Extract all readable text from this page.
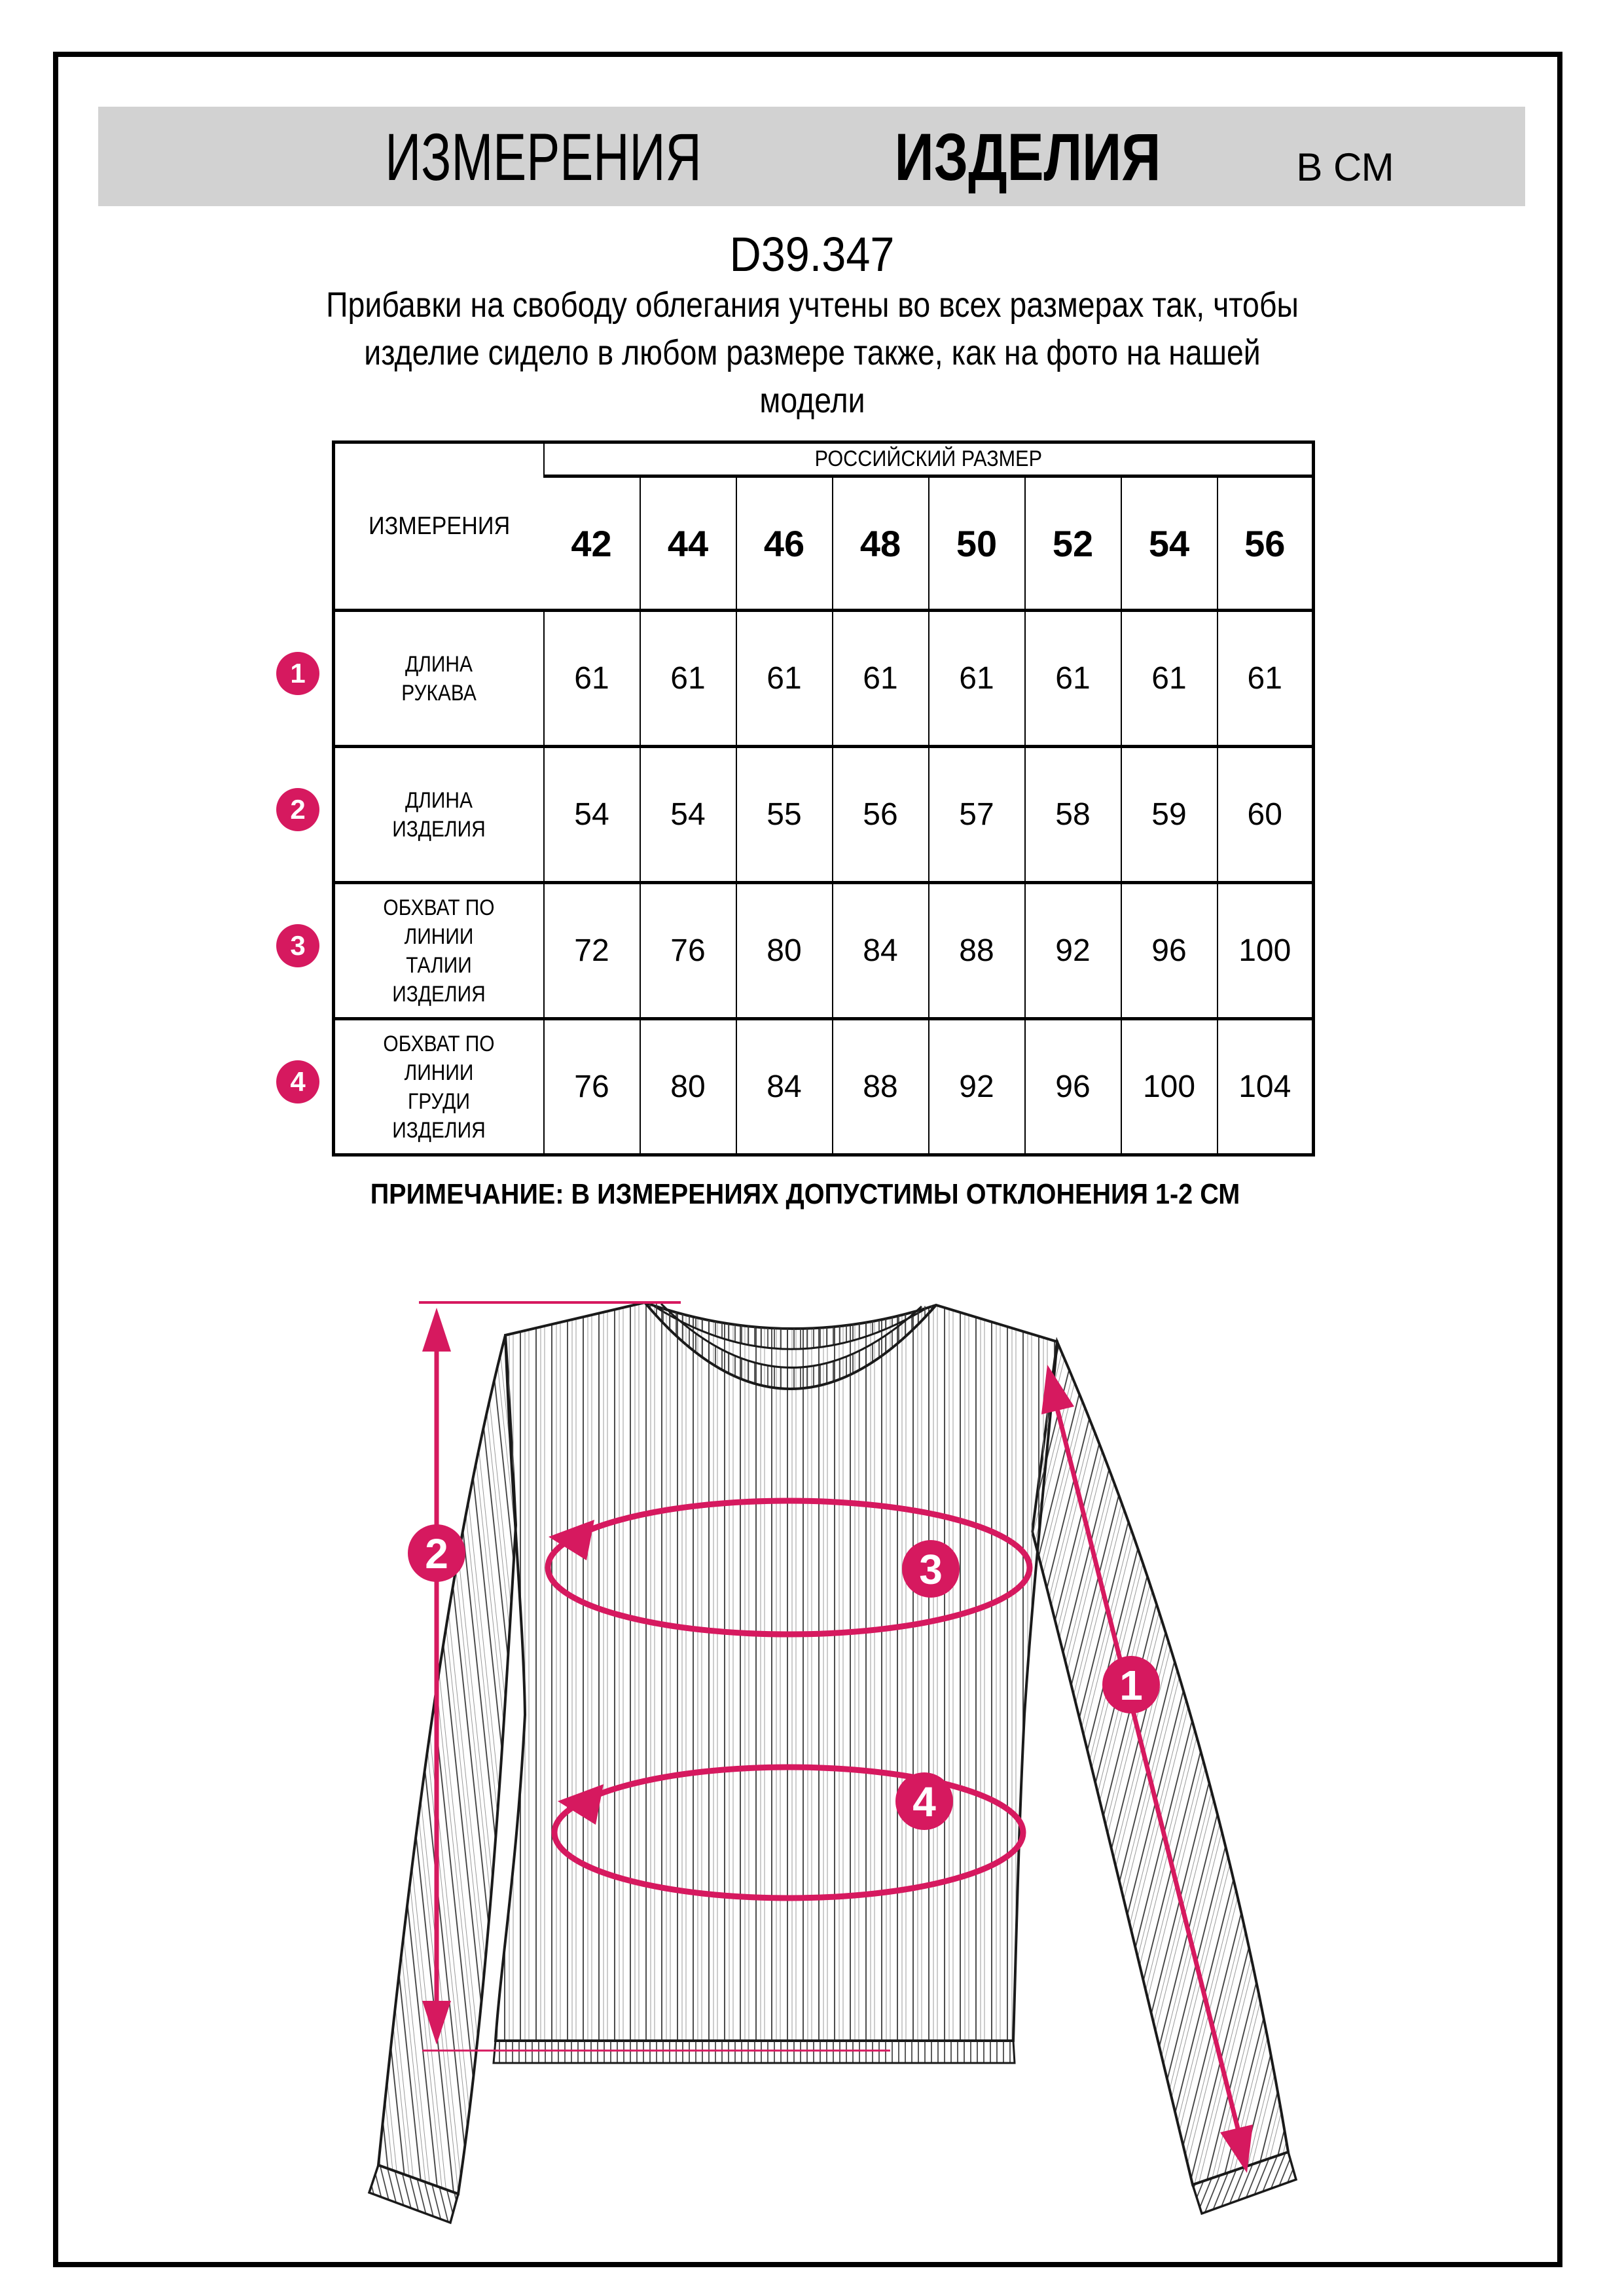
ИЗМЕРЕНИЯ	ИЗДЕЛИЯ	В СМ
D39.347
Прибавки на свободу облегания учтены во всех размерах так, чтобы
изделие сидело в любом размере также, как на фото на нашей
модели
ИЗМЕРЕНИЯ	РОССИЙСКИЙ РАЗМЕР							
	42	44	46	48	50	52	54	56
ДЛИНА РУКАВА	61	61	61	61	61	61	61	61
ДЛИНА ИЗДЕЛИЯ	54	54	55	56	57	58	59	60
ОБХВАТ ПО ЛИНИИ ТАЛИИ ИЗДЕЛИЯ	72	76	80	84	88	92	96	100
ОБХВАТ ПО ЛИНИИ ГРУДИ ИЗДЕЛИЯ	76	80	84	88	92	96	100	104
1
2
3
4
ПРИМЕЧАНИЕ: В ИЗМЕРЕНИЯХ ДОПУСТИМЫ ОТКЛОНЕНИЯ 1-2 СМ
2	3
4
1
